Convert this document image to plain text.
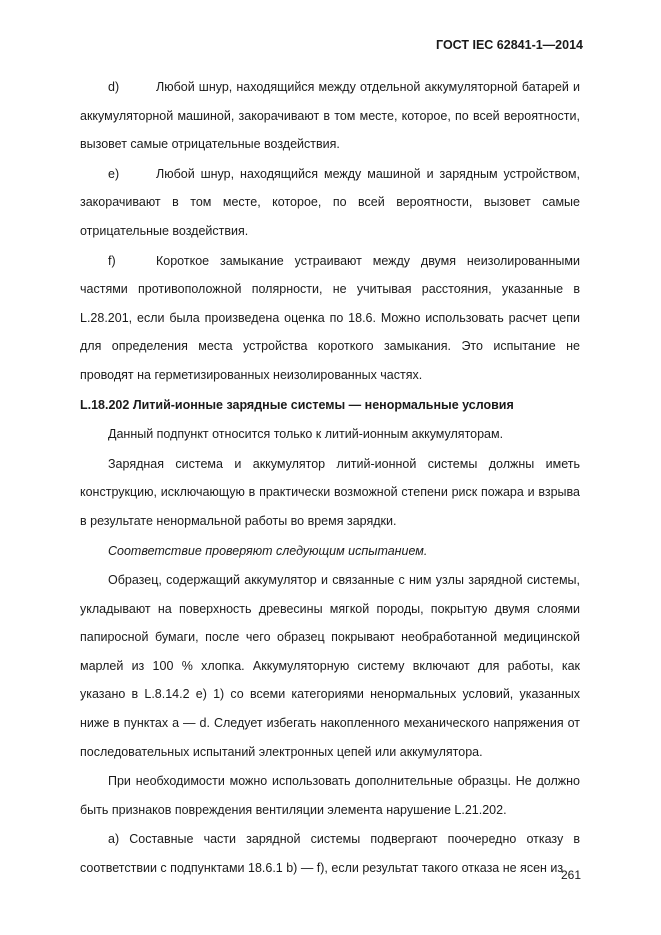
ГОСТ IEC 62841-1—2014

d)	Любой шнур, находящийся между отдельной аккумуляторной батарей и аккумуляторной машиной, закорачивают в том месте, которое, по всей вероятности, вызовет самые отрицательные воздействия.

e)	Любой шнур, находящийся между машиной и зарядным устройством, закорачивают в том месте, которое, по всей вероятности, вызовет самые отрицательные воздействия.

f)	Короткое замыкание устраивают между двумя неизолированными частями противоположной полярности, не учитывая расстояния, указанные в L.28.201, если была произведена оценка по 18.6. Можно использовать расчет цепи для определения места устройства короткого замыкания. Это испытание не проводят на герметизированных неизолированных частях.

L.18.202 Литий-ионные зарядные системы — ненормальные условия

Данный подпункт относится только к литий-ионным аккумуляторам.

Зарядная система и аккумулятор литий-ионной системы должны иметь конструкцию, исключающую в практически возможной степени риск пожара и взрыва в результате ненормальной работы во время зарядки.

Соответствие проверяют следующим испытанием.

Образец, содержащий аккумулятор и связанные с ним узлы зарядной системы, укладывают на поверхность древесины мягкой породы, покрытую двумя слоями папиросной бумаги, после чего образец покрывают необработанной медицинской марлей из 100 % хлопка. Аккумуляторную систему включают для работы, как указано в L.8.14.2 e) 1) со всеми категориями ненормальных условий, указанных ниже в пунктах а — d. Следует избегать накопленного механического напряжения от последовательных испытаний электронных цепей или аккумулятора.

При необходимости можно использовать дополнительные образцы. Не должно быть признаков повреждения вентиляции элемента нарушение L.21.202.

а) Составные части зарядной системы подвергают поочередно отказу в соответствии с подпунктами 18.6.1 b) — f), если результат такого отказа не ясен из

261
